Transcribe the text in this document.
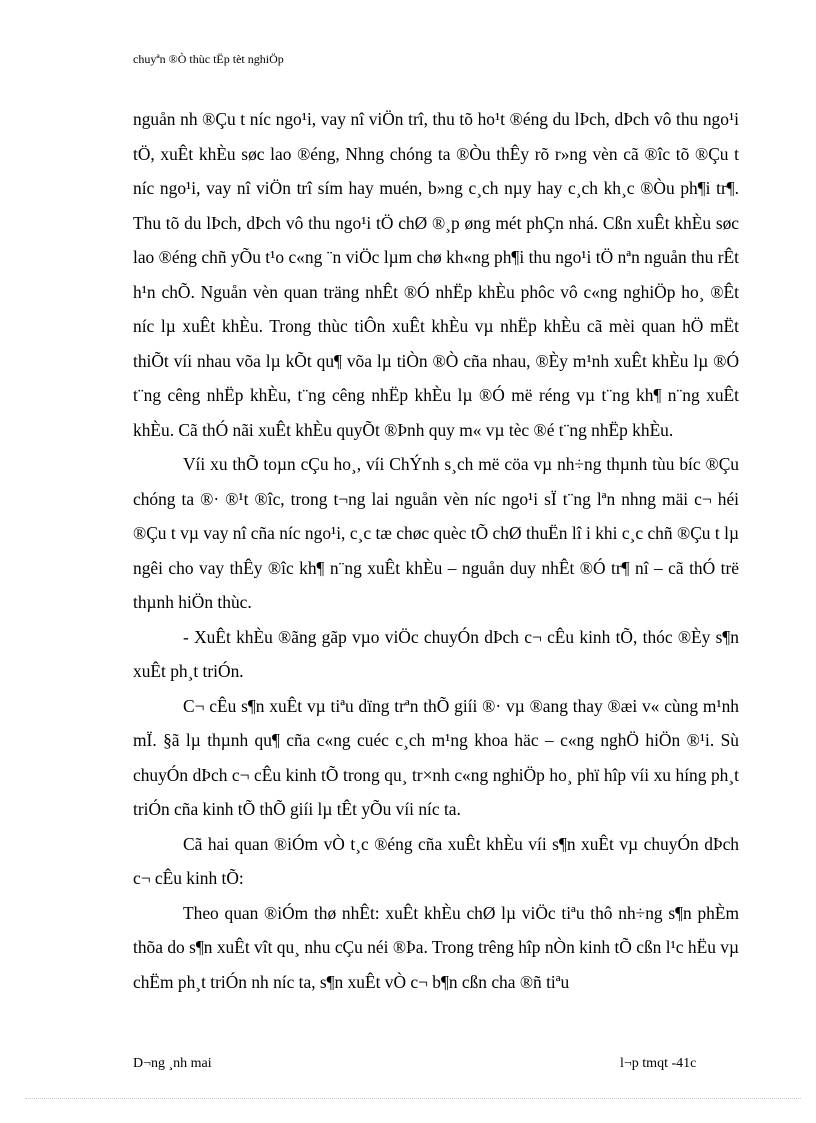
chuyªn ®Ò thùc tËp tèt nghiÖp

nguån nh ®Çu t níc ngo¹i, vay nî viÖn trî, thu tõ ho¹t ®éng du lÞch, dÞch vô thu ngo¹i tÖ, xuÊt khÈu søc lao ®éng, Nhng chóng ta ®Òu thÊy rõ r»ng vèn cã ®îc tõ ®Çu t níc ngo¹i, vay nî viÖn trî sím hay muén, b»ng c¸ch nµy hay c¸ch kh¸c ®Òu ph¶i tr¶. Thu tõ du lÞch, dÞch vô thu ngo¹i tÖ chØ ®¸p øng mét phÇn nhá. Cßn xuÊt khÈu søc lao ®éng chñ yÕu t¹o c«ng ¨n viÖc lµm chø kh«ng ph¶i thu ngo¹i tÖ nªn nguån thu rÊt h¹n chÕ. Nguån vèn quan träng nhÊt ®Ó nhËp khÈu phôc vô c«ng nghiÖp ho¸ ®Êt níc lµ xuÊt khÈu. Trong thùc tiÔn xuÊt khÈu vµ nhËp khÈu cã mèi quan hÖ mËt thiÕt víi nhau võa lµ kÕt qu¶ võa lµ tiÒn ®Ò cña nhau, ®Èy m¹nh xuÊt khÈu lµ ®Ó t¨ng cêng nhËp khÈu, t¨ng cêng nhËp khÈu lµ ®Ó më réng vµ t¨ng kh¶ n¨ng xuÊt khÈu. Cã thÓ nãi xuÊt khÈu quyÕt ®Þnh quy m« vµ tèc ®é t¨ng nhËp khÈu.

Víi xu thÕ toµn cÇu ho¸, víi ChÝnh s¸ch më cöa vµ nh÷ng thµnh tùu bíc ®Çu chóng ta ®· ®¹t ®îc, trong t¬ng lai nguån vèn níc ngo¹i sÏ t¨ng lªn nhng mäi c¬ héi ®Çu t vµ vay nî cña níc ngo¹i, c¸c tæ chøc quèc tÕ chØ thuËn lî i khi c¸c chñ ®Çu t lµ ngêi cho vay thÊy ®îc kh¶ n¨ng xuÊt khÈu – nguån duy nhÊt ®Ó tr¶ nî – cã thÓ trë thµnh hiÖn thùc.

- XuÊt khÈu ®ãng gãp vµo viÖc chuyÓn dÞch c¬ cÊu kinh tÕ, thóc ®Èy s¶n xuÊt ph¸t triÓn.

C¬ cÊu s¶n xuÊt vµ tiªu dïng trªn thÕ giíi ®· vµ ®ang thay ®æi v« cùng m¹nh mÏ. §ã lµ thµnh qu¶ cña c«ng cuéc c¸ch m¹ng khoa häc – c«ng nghÖ hiÖn ®¹i. Sù chuyÓn dÞch c¬ cÊu kinh tÕ trong qu¸ tr×nh c«ng nghiÖp ho¸ phï hîp víi xu híng ph¸t triÓn cña kinh tÕ thÕ giíi lµ tÊt yÕu víi níc ta.

Cã hai quan ®iÓm vÒ t¸c ®éng cña xuÊt khÈu víi s¶n xuÊt vµ chuyÓn dÞch c¬ cÊu kinh tÕ:

Theo quan ®iÓm thø nhÊt: xuÊt khÈu chØ lµ viÖc tiªu thô nh÷ng s¶n phÈm thõa do s¶n xuÊt vît qu¸ nhu cÇu néi ®Þa. Trong trêng hîp nÒn kinh tÕ cßn l¹c hËu vµ chËm ph¸t triÓn nh níc ta, s¶n xuÊt vÒ c¬ b¶n cßn cha ®ñ tiªu

D¬ng ¸nh mai	l¬p tmqt -41c
